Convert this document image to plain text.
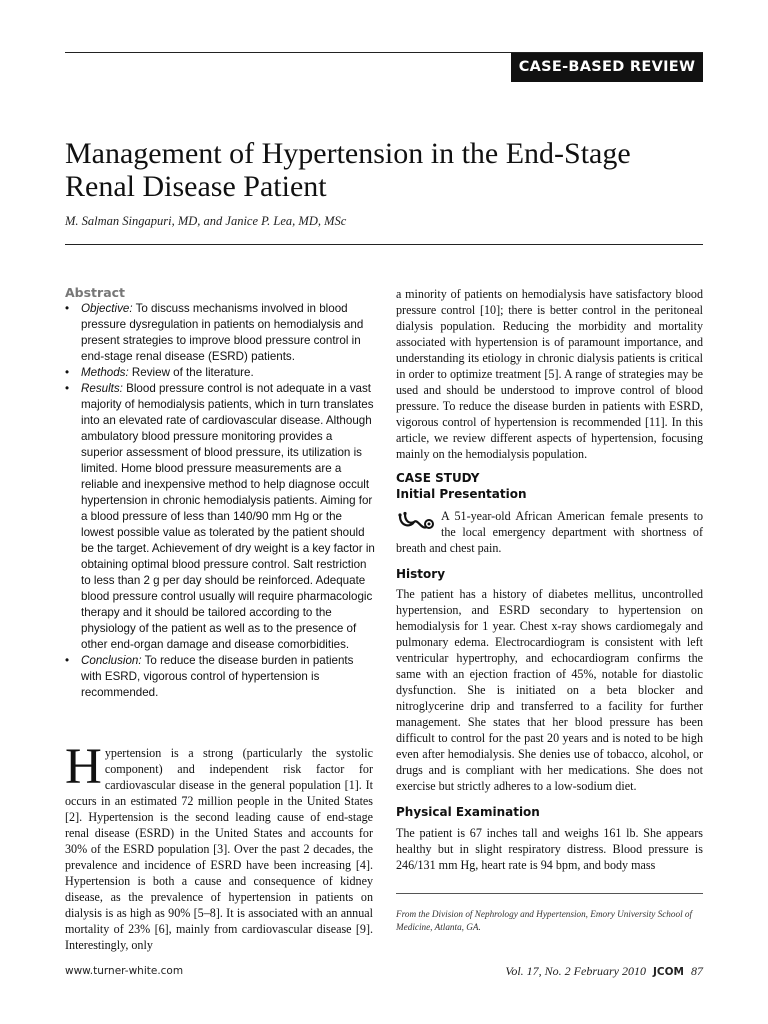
CASE-BASED REVIEW
Management of Hypertension in the End-Stage
Renal Disease Patient
M. Salman Singapuri, MD, and Janice P. Lea, MD, MSc
Abstract
• Objective: To discuss mechanisms involved in blood pressure dysregulation in patients on hemodialysis and present strategies to improve blood pressure control in end-stage renal disease (ESRD) patients.
• Methods: Review of the literature.
• Results: Blood pressure control is not adequate in a vast majority of hemodialysis patients, which in turn translates into an elevated rate of cardiovascular disease. Although ambulatory blood pressure monitoring provides a superior assessment of blood pressure, its utilization is limited. Home blood pressure measurements are a reliable and inexpensive method to help diagnose occult hypertension in chronic hemodialysis patients. Aiming for a blood pressure of less than 140/90 mm Hg or the lowest possible value as tolerated by the patient should be the target. Achievement of dry weight is a key factor in obtaining optimal blood pressure control. Salt restriction to less than 2 g per day should be reinforced. Adequate blood pressure control usually will require pharmacologic therapy and it should be tailored according to the physiology of the patient as well as to the presence of other end-organ damage and disease comorbidities.
• Conclusion: To reduce the disease burden in patients with ESRD, vigorous control of hypertension is recommended.
Hypertension is a strong (particularly the systolic component) and independent risk factor for cardiovascular disease in the general population [1]. It occurs in an estimated 72 million people in the United States [2]. Hypertension is the second leading cause of end-stage renal disease (ESRD) in the United States and accounts for 30% of the ESRD population [3]. Over the past 2 decades, the prevalence and incidence of ESRD have been increasing [4]. Hypertension is both a cause and consequence of kidney disease, as the prevalence of hypertension in patients on dialysis is as high as 90% [5–8]. It is associated with an annual mortality of 23% [6], mainly from cardiovascular disease [9]. Interestingly, only
a minority of patients on hemodialysis have satisfactory blood pressure control [10]; there is better control in the peritoneal dialysis population. Reducing the morbidity and mortality associated with hypertension is of paramount importance, and understanding its etiology in chronic dialysis patients is critical in order to optimize treatment [5]. A range of strategies may be used and should be understood to improve control of blood pressure. To reduce the disease burden in patients with ESRD, vigorous control of hypertension is recommended [11]. In this article, we review different aspects of hypertension, focusing mainly on the hemodialysis population.
CASE STUDY
Initial Presentation
A 51-year-old African American female presents to the local emergency department with shortness of breath and chest pain.
History
The patient has a history of diabetes mellitus, uncontrolled hypertension, and ESRD secondary to hypertension on hemodialysis for 1 year. Chest x-ray shows cardiomegaly and pulmonary edema. Electrocardiogram is consistent with left ventricular hypertrophy, and echocardiogram confirms the same with an ejection fraction of 45%, notable for diastolic dysfunction. She is initiated on a beta blocker and nitroglycerine drip and transferred to a facility for further management. She states that her blood pressure has been difficult to control for the past 20 years and is noted to be high even after hemodialysis. She denies use of tobacco, alcohol, or drugs and is compliant with her medications. She does not exercise but strictly adheres to a low-sodium diet.
Physical Examination
The patient is 67 inches tall and weighs 161 lb. She appears healthy but in slight respiratory distress. Blood pressure is 246/131 mm Hg, heart rate is 94 bpm, and body mass
From the Division of Nephrology and Hypertension, Emory University School of Medicine, Atlanta, GA.
www.turner-white.com	Vol. 17, No. 2 February 2010 JCOM 87
